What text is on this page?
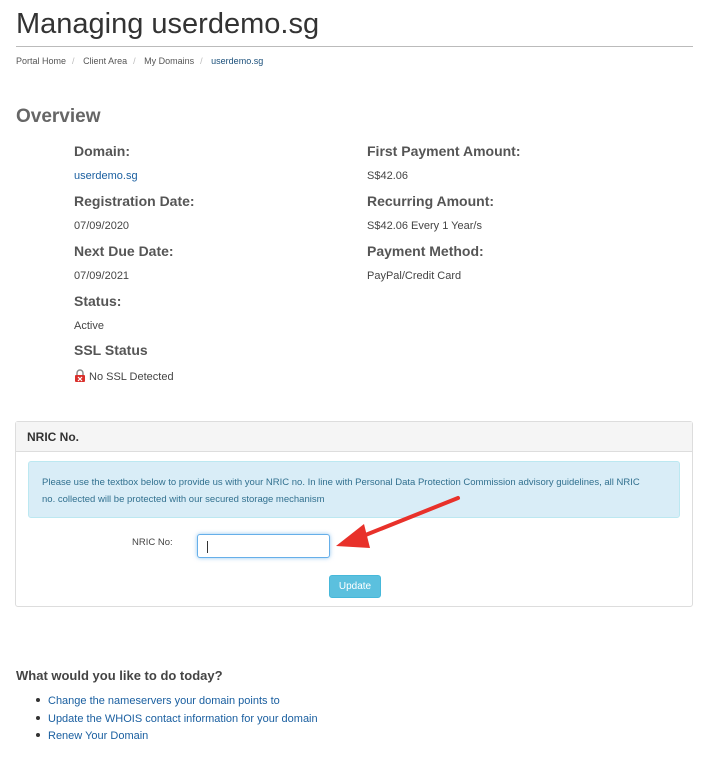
Managing userdemo.sg
Portal Home / Client Area / My Domains / userdemo.sg
Overview
Domain:
userdemo.sg
Registration Date:
07/09/2020
Next Due Date:
07/09/2021
Status:
Active
SSL Status
No SSL Detected
First Payment Amount:
S$42.06
Recurring Amount:
S$42.06 Every 1 Year/s
Payment Method:
PayPal/Credit Card
NRIC No.
Please use the textbox below to provide us with your NRIC no. In line with Personal Data Protection Commission advisory guidelines, all NRIC
no. collected will be protected with our secured storage mechanism
NRIC No:
Update
What would you like to do today?
Change the nameservers your domain points to
Update the WHOIS contact information for your domain
Renew Your Domain
